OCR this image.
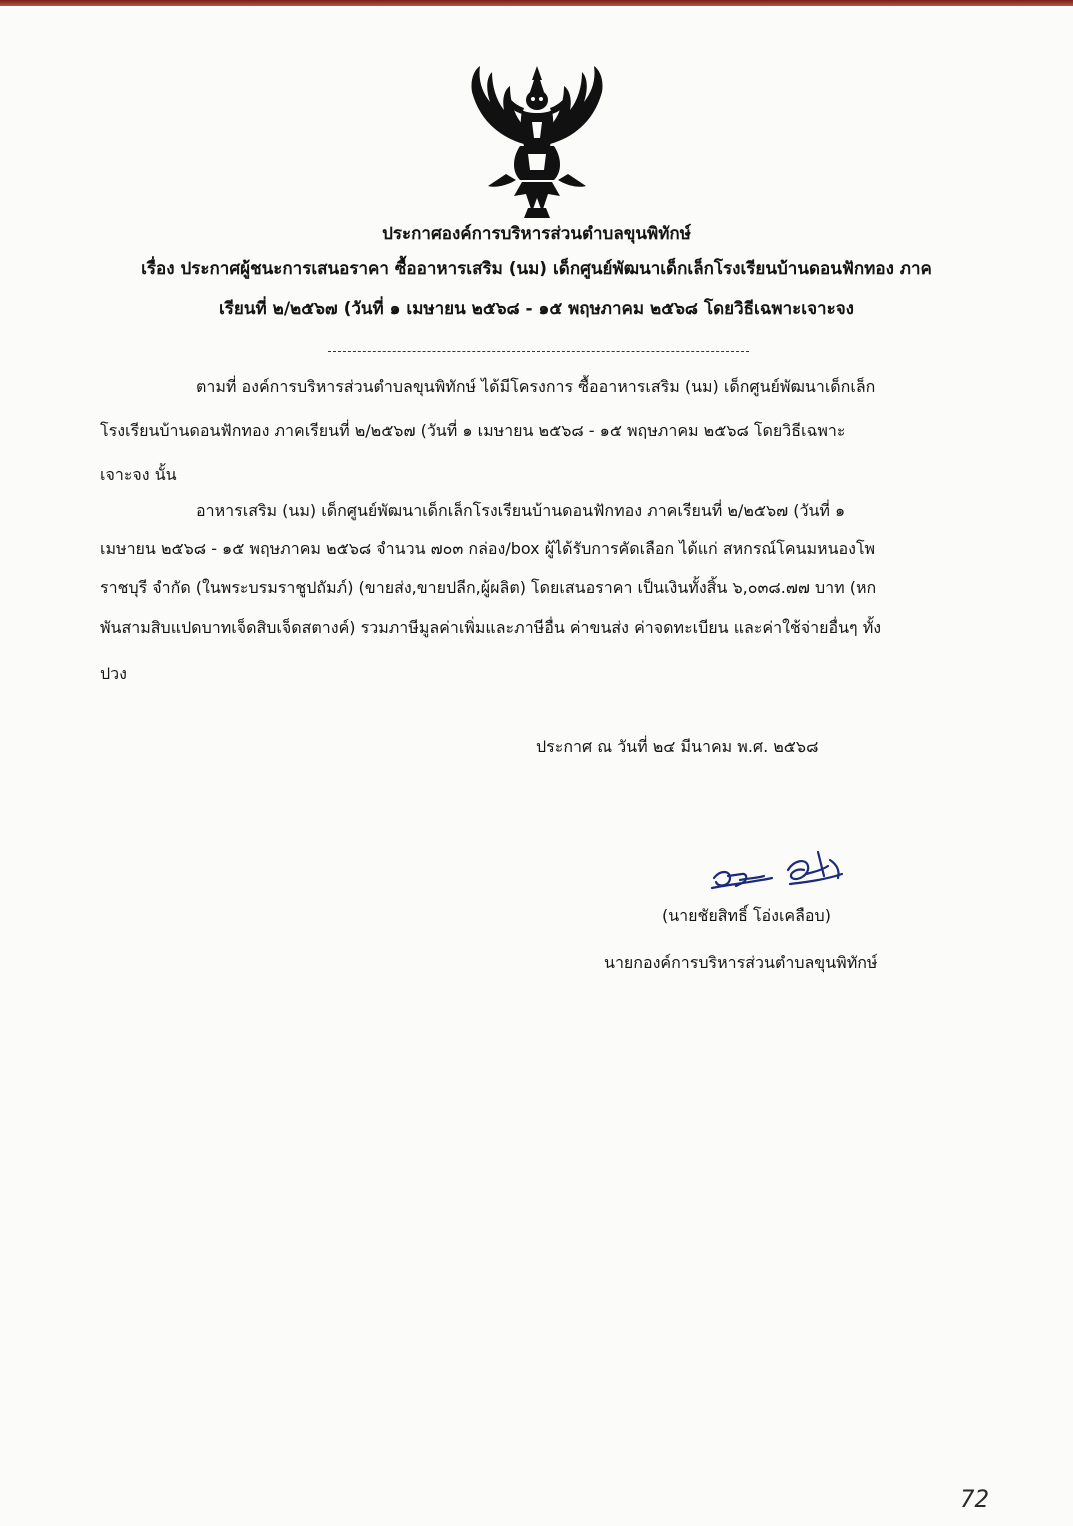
ประกาศองค์การบริหารส่วนตำบลขุนพิทักษ์
เรื่อง ประกาศผู้ชนะการเสนอราคา ซื้ออาหารเสริม (นม) เด็กศูนย์พัฒนาเด็กเล็กโรงเรียนบ้านดอนฟักทอง ภาค
เรียนที่ ๒/๒๕๖๗ (วันที่ ๑ เมษายน ๒๕๖๘ - ๑๕ พฤษภาคม ๒๕๖๘ โดยวิธีเฉพาะเจาะจง
ตามที่ องค์การบริหารส่วนตำบลขุนพิทักษ์ ได้มีโครงการ ซื้ออาหารเสริม (นม) เด็กศูนย์พัฒนาเด็กเล็ก
โรงเรียนบ้านดอนฟักทอง ภาคเรียนที่ ๒/๒๕๖๗ (วันที่ ๑ เมษายน ๒๕๖๘ - ๑๕ พฤษภาคม ๒๕๖๘ โดยวิธีเฉพาะ
เจาะจง นั้น
อาหารเสริม (นม) เด็กศูนย์พัฒนาเด็กเล็กโรงเรียนบ้านดอนฟักทอง ภาคเรียนที่ ๒/๒๕๖๗ (วันที่ ๑
เมษายน ๒๕๖๘ - ๑๕ พฤษภาคม ๒๕๖๘ จำนวน ๗๐๓ กล่อง/box ผู้ได้รับการคัดเลือก ได้แก่ สหกรณ์โคนมหนองโพ
ราชบุรี จำกัด (ในพระบรมราชูปถัมภ์) (ขายส่ง,ขายปลีก,ผู้ผลิต) โดยเสนอราคา เป็นเงินทั้งสิ้น ๖,๐๓๘.๗๗ บาท (หก
พันสามสิบแปดบาทเจ็ดสิบเจ็ดสตางค์) รวมภาษีมูลค่าเพิ่มและภาษีอื่น ค่าขนส่ง ค่าจดทะเบียน และค่าใช้จ่ายอื่นๆ ทั้ง
ปวง
ประกาศ ณ วันที่ ๒๔ มีนาคม พ.ศ. ๒๕๖๘
(นายชัยสิทธิ์ โอ่งเคลือบ)
นายกองค์การบริหารส่วนตำบลขุนพิทักษ์
72
